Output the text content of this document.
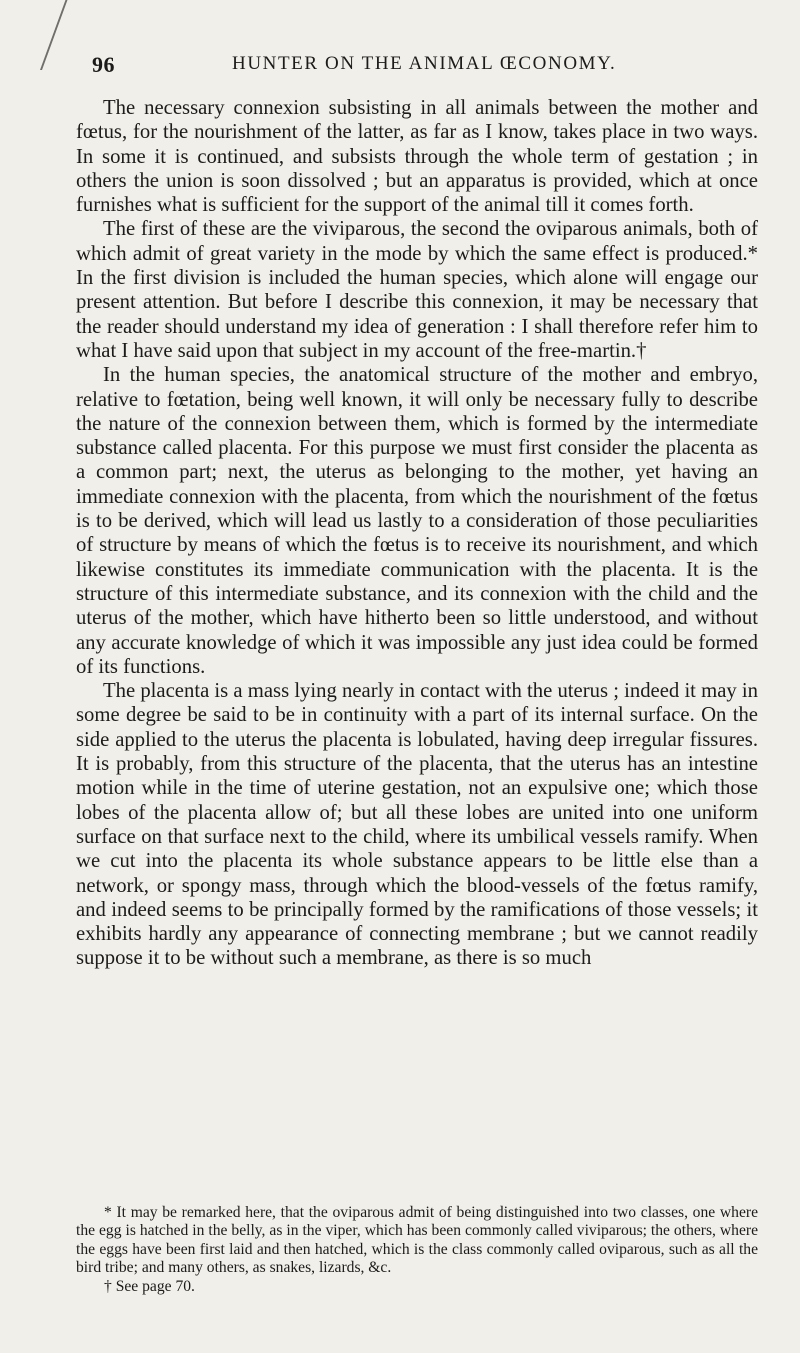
96	HUNTER ON THE ANIMAL ŒCONOMY.

The necessary connexion subsisting in all animals between the mother and fœtus, for the nourishment of the latter, as far as I know, takes place in two ways. In some it is continued, and subsists through the whole term of gestation ; in others the union is soon dissolved ; but an apparatus is provided, which at once furnishes what is sufficient for the support of the animal till it comes forth.

The first of these are the viviparous, the second the oviparous animals, both of which admit of great variety in the mode by which the same effect is produced.* In the first division is included the human species, which alone will engage our present attention. But before I describe this connexion, it may be necessary that the reader should understand my idea of generation : I shall therefore refer him to what I have said upon that subject in my account of the free-martin.†

In the human species, the anatomical structure of the mother and embryo, relative to fœtation, being well known, it will only be necessary fully to describe the nature of the connexion between them, which is formed by the intermediate substance called placenta. For this purpose we must first consider the placenta as a common part; next, the uterus as belonging to the mother, yet having an immediate connexion with the placenta, from which the nourishment of the fœtus is to be derived, which will lead us lastly to a consideration of those peculiarities of structure by means of which the fœtus is to receive its nourishment, and which likewise constitutes its immediate communication with the placenta. It is the structure of this intermediate substance, and its connexion with the child and the uterus of the mother, which have hitherto been so little understood, and without any accurate knowledge of which it was impossible any just idea could be formed of its functions.

The placenta is a mass lying nearly in contact with the uterus ; indeed it may in some degree be said to be in continuity with a part of its internal surface. On the side applied to the uterus the placenta is lobulated, having deep irregular fissures. It is probably, from this structure of the placenta, that the uterus has an intestine motion while in the time of uterine gestation, not an expulsive one; which those lobes of the placenta allow of; but all these lobes are united into one uniform surface on that surface next to the child, where its umbilical vessels ramify. When we cut into the placenta its whole substance appears to be little else than a network, or spongy mass, through which the blood-vessels of the fœtus ramify, and indeed seems to be principally formed by the ramifications of those vessels; it exhibits hardly any appearance of connecting membrane ; but we cannot readily suppose it to be without such a membrane, as there is so much

* It may be remarked here, that the oviparous admit of being distinguished into two classes, one where the egg is hatched in the belly, as in the viper, which has been commonly called viviparous; the others, where the eggs have been first laid and then hatched, which is the class commonly called oviparous, such as all the bird tribe; and many others, as snakes, lizards, &c.

† See page 70.
